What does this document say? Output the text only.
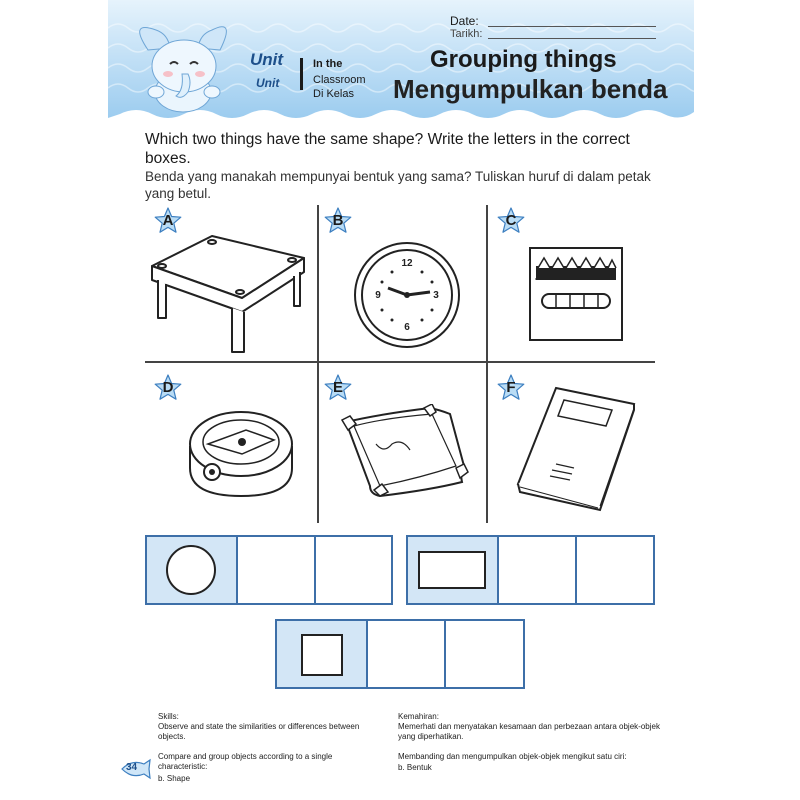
Unit
Unit
In the
Classroom
Di Kelas
Grouping things
Mengumpulkan benda
Date:
Tarikh:
Which two things have the same shape? Write the letters in the correct boxes.
Benda yang manakah mempunyai bentuk yang sama? Tuliskan huruf di dalam petak yang betul.
A	B	C
D	E	F
12
3
6
9
Skills:
Observe and state the similarities or differences between objects.
Compare and group objects according to a single characteristic:
b. Shape
Kemahiran:
Memerhati dan menyatakan kesamaan dan perbezaan antara objek-objek yang diperhatikan.
Membanding dan mengumpulkan objek-objek mengikut satu ciri:
b. Bentuk
34
